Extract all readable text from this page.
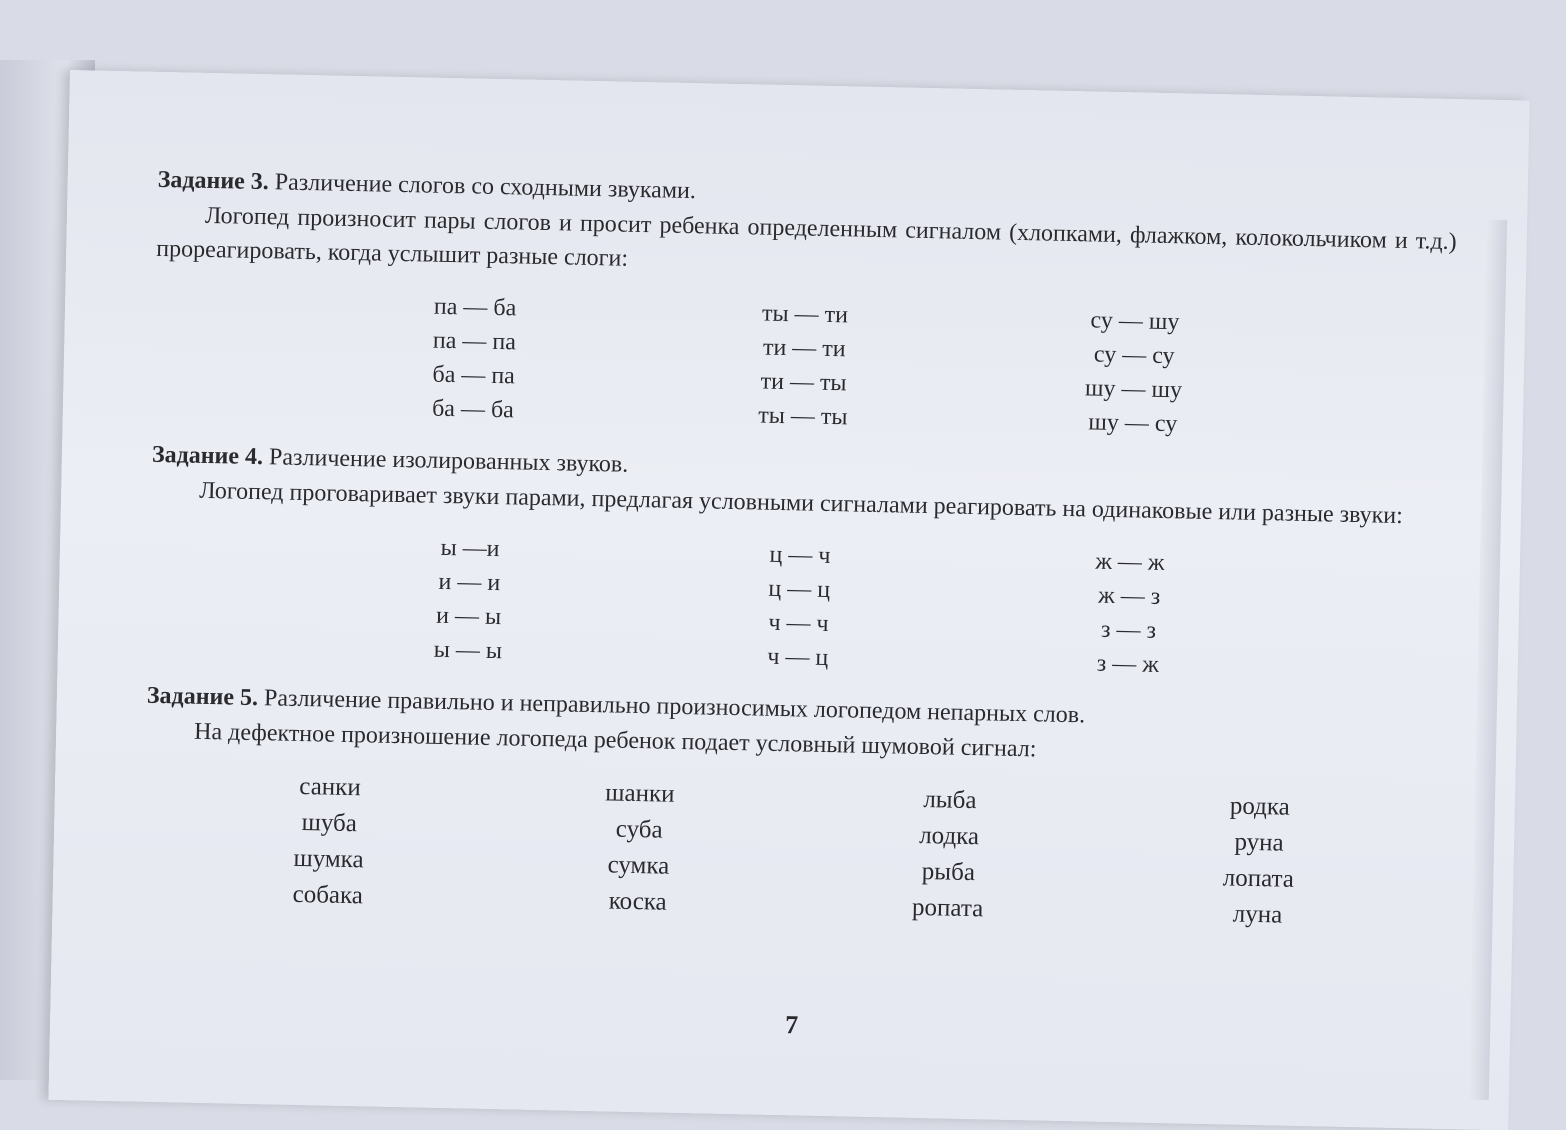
Задание 3. Различение слогов со сходными звуками.

Логопед произносит пары слогов и просит ребенка определенным сигналом (хлопками, флажком, колокольчиком и т.д.) прореагировать, когда услышит разные слоги:

па — ба
па — па
ба — па
ба — ба
ты — ти
ти — ти
ти — ты
ты — ты
су — шу
су — су
шу — шу
шу — су

Задание 4. Различение изолированных звуков.

Логопед проговаривает звуки парами, предлагая условными сигналами реагировать на одинаковые или разные звуки:

ы —и
и — и
и — ы
ы — ы
ц — ч
ц — ц
ч — ч
ч — ц
ж — ж
ж — з
з — з
з — ж

Задание 5. Различение правильно и неправильно произносимых логопедом непарных слов.

На дефектное произношение логопеда ребенок подает условный шумовой сигнал:

санки
шуба
шумка
собака
шанки
суба
сумка
коска
лыба
лодка
рыба
ропата
родка
руна
лопата
луна
7
